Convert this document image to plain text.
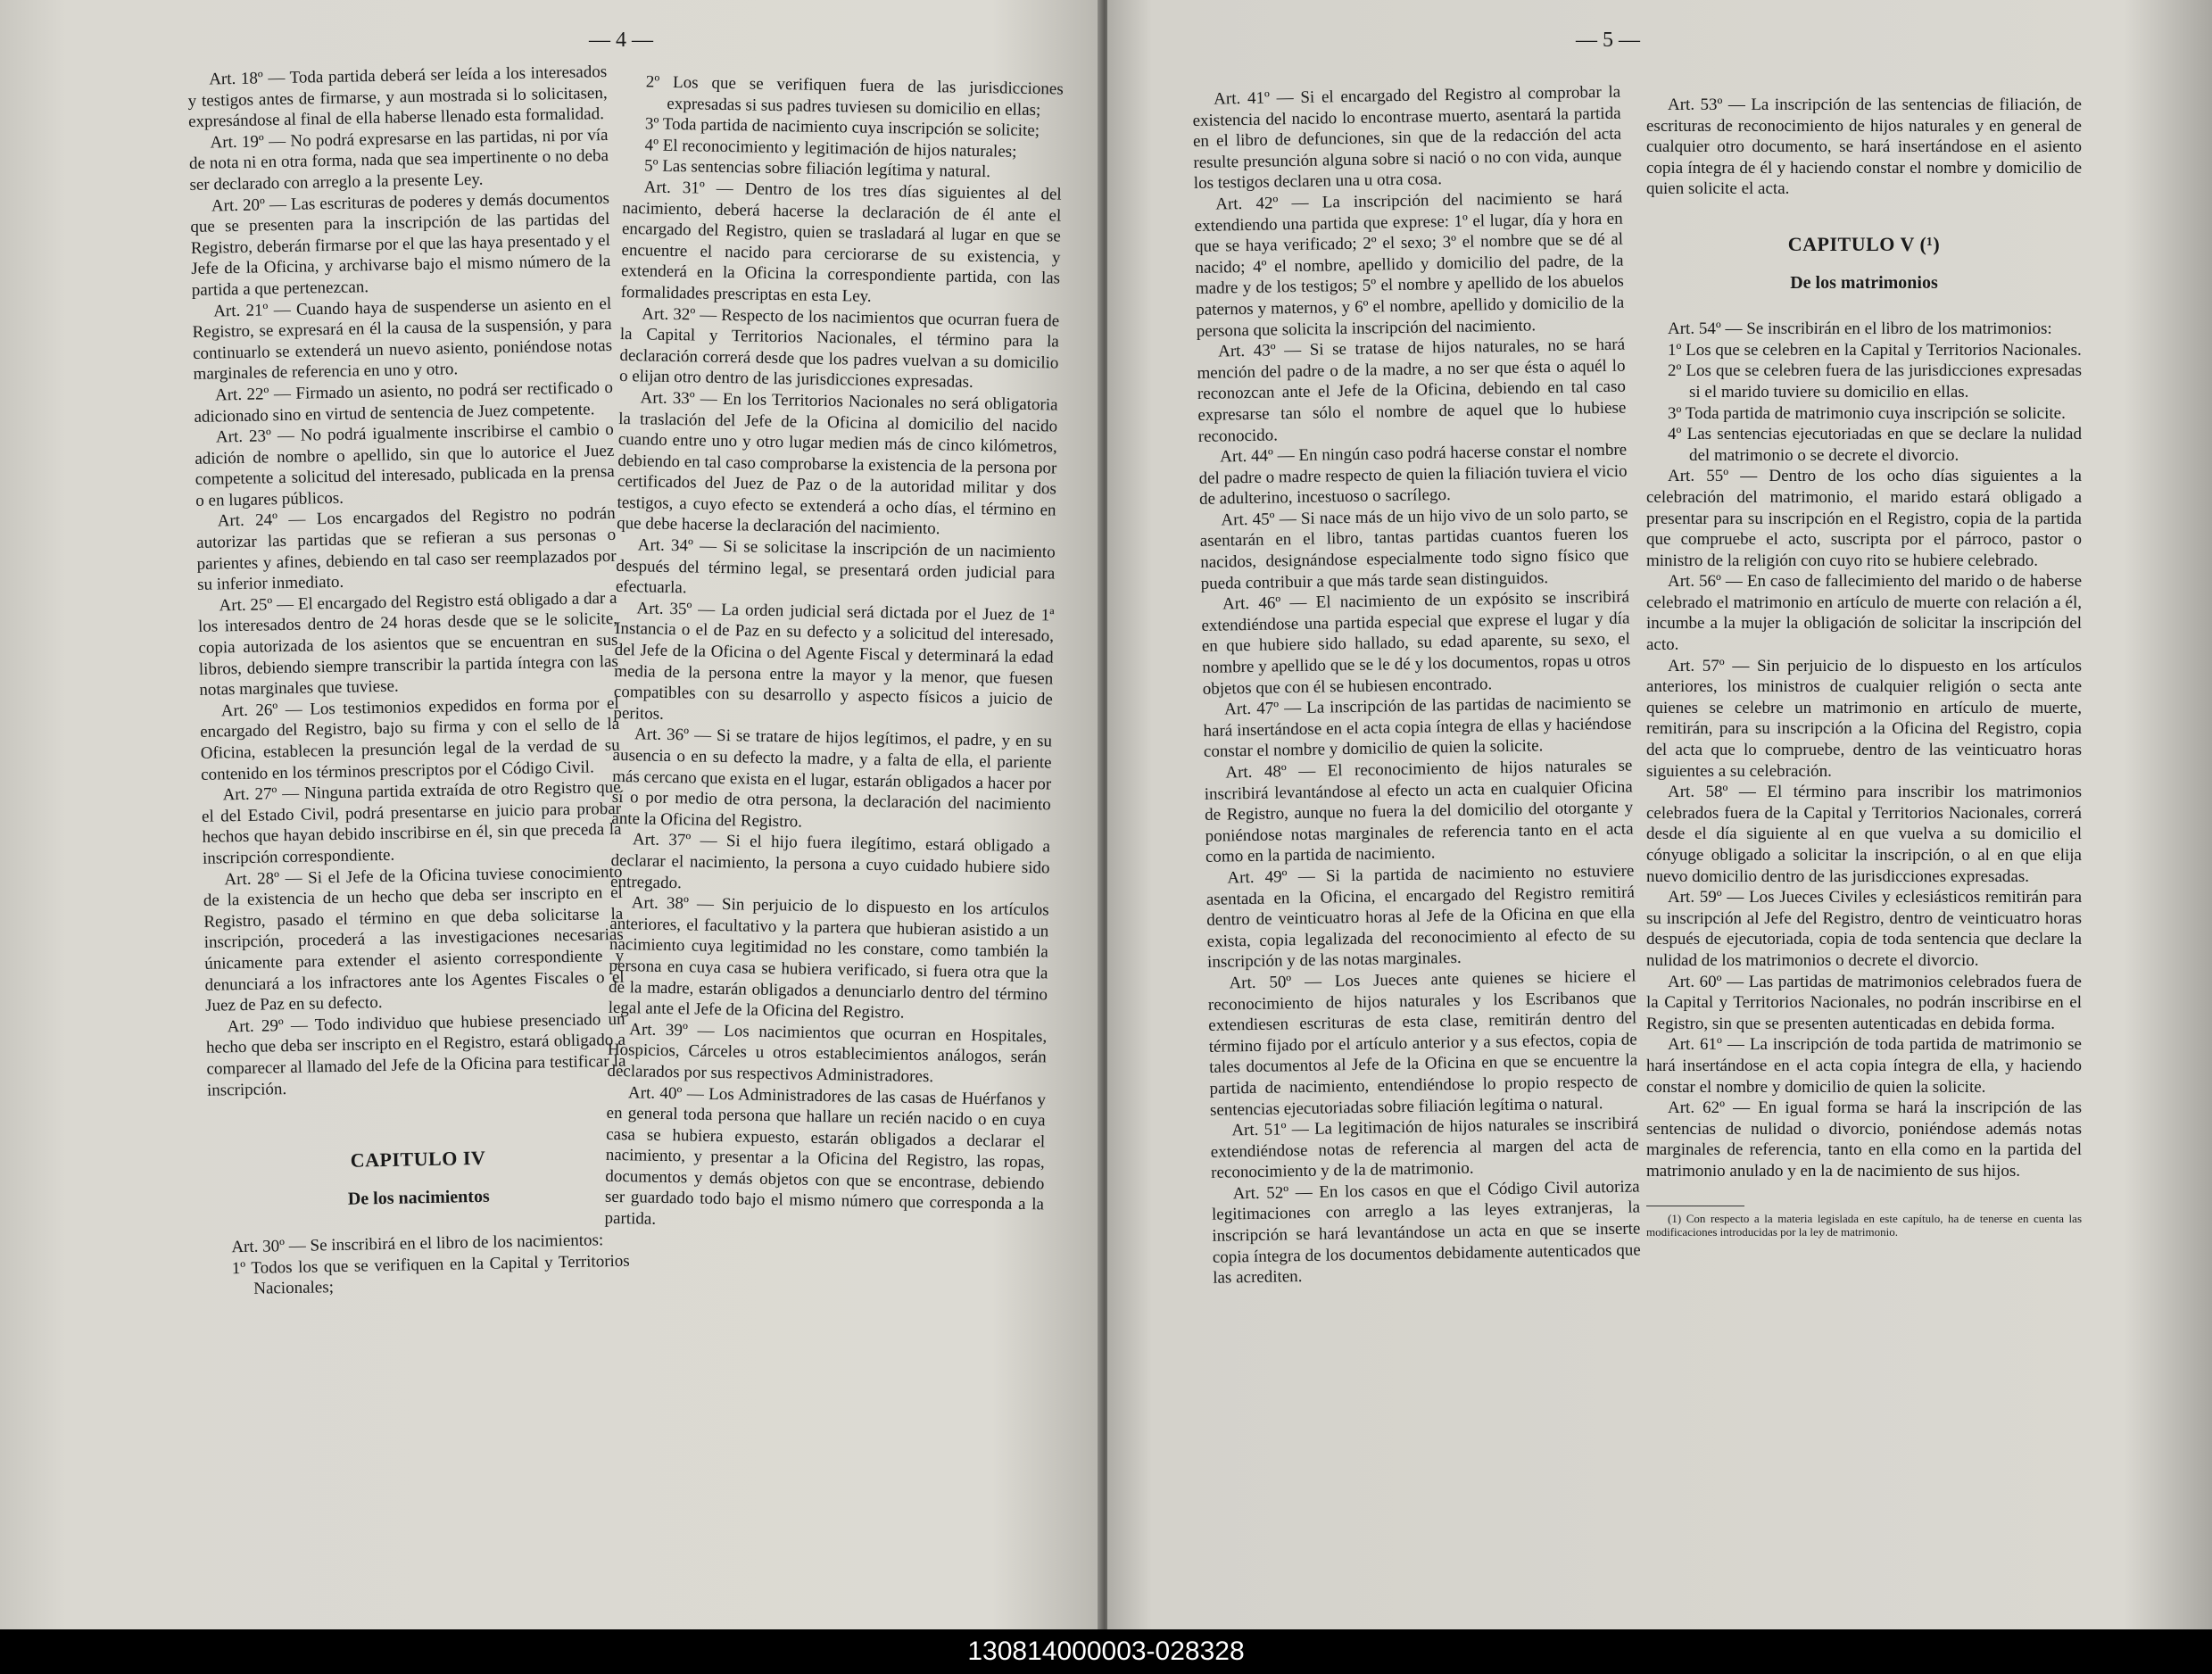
— 4 —

Art. 18º — Toda partida deberá ser leída a los interesados y testigos antes de firmarse, y aun mostrada si lo solicitasen, expresándose al final de ella haberse llenado esta formalidad.

Art. 19º — No podrá expresarse en las partidas, ni por vía de nota ni en otra forma, nada que sea impertinente o no deba ser declarado con arreglo a la presente Ley.

Art. 20º — Las escrituras de poderes y demás documentos que se presenten para la inscripción de las partidas del Registro, deberán firmarse por el que las haya presentado y el Jefe de la Oficina, y archivarse bajo el mismo número de la partida a que pertenezcan.

Art. 21º — Cuando haya de suspenderse un asiento en el Registro, se expresará en él la causa de la suspensión, y para continuarlo se extenderá un nuevo asiento, poniéndose notas marginales de referencia en uno y otro.

Art. 22º — Firmado un asiento, no podrá ser rectificado o adicionado sino en virtud de sentencia de Juez competente.

Art. 23º — No podrá igualmente inscribirse el cambio o adición de nombre o apellido, sin que lo autorice el Juez competente a solicitud del interesado, publicada en la prensa o en lugares públicos.

Art. 24º — Los encargados del Registro no podrán autorizar las partidas que se refieran a sus personas o parientes y afines, debiendo en tal caso ser reemplazados por su inferior inmediato.

Art. 25º — El encargado del Registro está obligado a dar a los interesados dentro de 24 horas desde que se le solicite, copia autorizada de los asientos que se encuentran en sus libros, debiendo siempre transcribir la partida íntegra con las notas marginales que tuviese.

Art. 26º — Los testimonios expedidos en forma por el encargado del Registro, bajo su firma y con el sello de la Oficina, establecen la presunción legal de la verdad de su contenido en los términos prescriptos por el Código Civil.

Art. 27º — Ninguna partida extraída de otro Registro que el del Estado Civil, podrá presentarse en juicio para probar hechos que hayan debido inscribirse en él, sin que preceda la inscripción correspondiente.

Art. 28º — Si el Jefe de la Oficina tuviese conocimiento de la existencia de un hecho que deba ser inscripto en el Registro, pasado el término en que deba solicitarse la inscripción, procederá a las investigaciones necesarias únicamente para extender el asiento correspondiente y denunciará a los infractores ante los Agentes Fiscales o el Juez de Paz en su defecto.

Art. 29º — Todo individuo que hubiese presenciado un hecho que deba ser inscripto en el Registro, estará obligado a comparecer al llamado del Jefe de la Oficina para testificar la inscripción.

CAPITULO IV
De los nacimientos

Art. 30º — Se inscribirá en el libro de los nacimientos:

1º Todos los que se verifiquen en la Capital y Territorios Nacionales;

2º Los que se verifiquen fuera de las jurisdicciones expresadas si sus padres tuviesen su domicilio en ellas;

3º Toda partida de nacimiento cuya inscripción se solicite;

4º El reconocimiento y legitimación de hijos naturales;

5º Las sentencias sobre filiación legítima y natural.

Art. 31º — Dentro de los tres días siguientes al del nacimiento, deberá hacerse la declaración de él ante el encargado del Registro, quien se trasladará al lugar en que se encuentre el nacido para cerciorarse de su existencia, y extenderá en la Oficina la correspondiente partida, con las formalidades prescriptas en esta Ley.

Art. 32º — Respecto de los nacimientos que ocurran fuera de la Capital y Territorios Nacionales, el término para la declaración correrá desde que los padres vuelvan a su domicilio o elijan otro dentro de las jurisdicciones expresadas.

Art. 33º — En los Territorios Nacionales no será obligatoria la traslación del Jefe de la Oficina al domicilio del nacido cuando entre uno y otro lugar medien más de cinco kilómetros, debiendo en tal caso comprobarse la existencia de la persona por certificados del Juez de Paz o de la autoridad militar y dos testigos, a cuyo efecto se extenderá a ocho días, el término en que debe hacerse la declaración del nacimiento.

Art. 34º — Si se solicitase la inscripción de un nacimiento después del término legal, se presentará orden judicial para efectuarla.

Art. 35º — La orden judicial será dictada por el Juez de 1ª Instancia o el de Paz en su defecto y a solicitud del interesado, del Jefe de la Oficina o del Agente Fiscal y determinará la edad media de la persona entre la mayor y la menor, que fuesen compatibles con su desarrollo y aspecto físicos a juicio de peritos.

Art. 36º — Si se tratare de hijos legítimos, el padre, y en su ausencia o en su defecto la madre, y a falta de ella, el pariente más cercano que exista en el lugar, estarán obligados a hacer por sí o por medio de otra persona, la declaración del nacimiento ante la Oficina del Registro.

Art. 37º — Si el hijo fuera ilegítimo, estará obligado a declarar el nacimiento, la persona a cuyo cuidado hubiere sido entregado.

Art. 38º — Sin perjuicio de lo dispuesto en los artículos anteriores, el facultativo y la partera que hubieran asistido a un nacimiento cuya legitimidad no les constare, como también la persona en cuya casa se hubiera verificado, si fuera otra que la de la madre, estarán obligados a denunciarlo dentro del término legal ante el Jefe de la Oficina del Registro.

Art. 39º — Los nacimientos que ocurran en Hospitales, Hospicios, Cárceles u otros establecimientos análogos, serán declarados por sus respectivos Administradores.

Art. 40º — Los Administradores de las casas de Huérfanos y en general toda persona que hallare un recién nacido o en cuya casa se hubiera expuesto, estarán obligados a declarar el nacimiento, y presentar a la Oficina del Registro, las ropas, documentos y demás objetos con que se encontrase, debiendo ser guardado todo bajo el mismo número que corresponda a la partida.

— 5 —

Art. 41º — Si el encargado del Registro al comprobar la existencia del nacido lo encontrase muerto, asentará la partida en el libro de defunciones, sin que de la redacción del acta resulte presunción alguna sobre si nació o no con vida, aunque los testigos declaren una u otra cosa.

Art. 42º — La inscripción del nacimiento se hará extendiendo una partida que exprese: 1º el lugar, día y hora en que se haya verificado; 2º el sexo; 3º el nombre que se dé al nacido; 4º el nombre, apellido y domicilio del padre, de la madre y de los testigos; 5º el nombre y apellido de los abuelos paternos y maternos, y 6º el nombre, apellido y domicilio de la persona que solicita la inscripción del nacimiento.

Art. 43º — Si se tratase de hijos naturales, no se hará mención del padre o de la madre, a no ser que ésta o aquél lo reconozcan ante el Jefe de la Oficina, debiendo en tal caso expresarse tan sólo el nombre de aquel que lo hubiese reconocido.

Art. 44º — En ningún caso podrá hacerse constar el nombre del padre o madre respecto de quien la filiación tuviera el vicio de adulterino, incestuoso o sacrílego.

Art. 45º — Si nace más de un hijo vivo de un solo parto, se asentarán en el libro, tantas partidas cuantos fueren los nacidos, designándose especialmente todo signo físico que pueda contribuir a que más tarde sean distinguidos.

Art. 46º — El nacimiento de un expósito se inscribirá extendiéndose una partida especial que exprese el lugar y día en que hubiere sido hallado, su edad aparente, su sexo, el nombre y apellido que se le dé y los documentos, ropas u otros objetos que con él se hubiesen encontrado.

Art. 47º — La inscripción de las partidas de nacimiento se hará insertándose en el acta copia íntegra de ellas y haciéndose constar el nombre y domicilio de quien la solicite.

Art. 48º — El reconocimiento de hijos naturales se inscribirá levantándose al efecto un acta en cualquier Oficina de Registro, aunque no fuera la del domicilio del otorgante y poniéndose notas marginales de referencia tanto en el acta como en la partida de nacimiento.

Art. 49º — Si la partida de nacimiento no estuviere asentada en la Oficina, el encargado del Registro remitirá dentro de veinticuatro horas al Jefe de la Oficina en que ella exista, copia legalizada del reconocimiento al efecto de su inscripción y de las notas marginales.

Art. 50º — Los Jueces ante quienes se hiciere el reconocimiento de hijos naturales y los Escribanos que extendiesen escrituras de esta clase, remitirán dentro del término fijado por el artículo anterior y a sus efectos, copia de tales documentos al Jefe de la Oficina en que se encuentre la partida de nacimiento, entendiéndose lo propio respecto de sentencias ejecutoriadas sobre filiación legítima o natural.

Art. 51º — La legitimación de hijos naturales se inscribirá extendiéndose notas de referencia al margen del acta de reconocimiento y de la de matrimonio.

Art. 52º — En los casos en que el Código Civil autoriza legitimaciones con arreglo a las leyes extranjeras, la inscripción se hará levantándose un acta en que se inserte copia íntegra de los documentos debidamente autenticados que las acrediten.

Art. 53º — La inscripción de las sentencias de filiación, de escrituras de reconocimiento de hijos naturales y en general de cualquier otro documento, se hará insertándose en el asiento copia íntegra de él y haciendo constar el nombre y domicilio de quien solicite el acta.

CAPITULO V (¹)
De los matrimonios

Art. 54º — Se inscribirán en el libro de los matrimonios:

1º Los que se celebren en la Capital y Territorios Nacionales.

2º Los que se celebren fuera de las jurisdicciones expresadas si el marido tuviere su domicilio en ellas.

3º Toda partida de matrimonio cuya inscripción se solicite.

4º Las sentencias ejecutoriadas en que se declare la nulidad del matrimonio o se decrete el divorcio.

Art. 55º — Dentro de los ocho días siguientes a la celebración del matrimonio, el marido estará obligado a presentar para su inscripción en el Registro, copia de la partida que compruebe el acto, suscripta por el párroco, pastor o ministro de la religión con cuyo rito se hubiere celebrado.

Art. 56º — En caso de fallecimiento del marido o de haberse celebrado el matrimonio en artículo de muerte con relación a él, incumbe a la mujer la obligación de solicitar la inscripción del acto.

Art. 57º — Sin perjuicio de lo dispuesto en los artículos anteriores, los ministros de cualquier religión o secta ante quienes se celebre un matrimonio en artículo de muerte, remitirán, para su inscripción a la Oficina del Registro, copia del acta que lo compruebe, dentro de las veinticuatro horas siguientes a su celebración.

Art. 58º — El término para inscribir los matrimonios celebrados fuera de la Capital y Territorios Nacionales, correrá desde el día siguiente al en que vuelva a su domicilio el cónyuge obligado a solicitar la inscripción, o al en que elija nuevo domicilio dentro de las jurisdicciones expresadas.

Art. 59º — Los Jueces Civiles y eclesiásticos remitirán para su inscripción al Jefe del Registro, dentro de veinticuatro horas después de ejecutoriada, copia de toda sentencia que declare la nulidad de los matrimonios o decrete el divorcio.

Art. 60º — Las partidas de matrimonios celebrados fuera de la Capital y Territorios Nacionales, no podrán inscribirse en el Registro, sin que se presenten autenticadas en debida forma.

Art. 61º — La inscripción de toda partida de matrimonio se hará insertándose en el acta copia íntegra de ella, y haciendo constar el nombre y domicilio de quien la solicite.

Art. 62º — En igual forma se hará la inscripción de las sentencias de nulidad o divorcio, poniéndose además notas marginales de referencia, tanto en ella como en la partida del matrimonio anulado y en la de nacimiento de sus hijos.

(1) Con respecto a la materia legislada en este capítulo, ha de tenerse en cuenta las modificaciones introducidas por la ley de matrimonio.

130814000003-028328
